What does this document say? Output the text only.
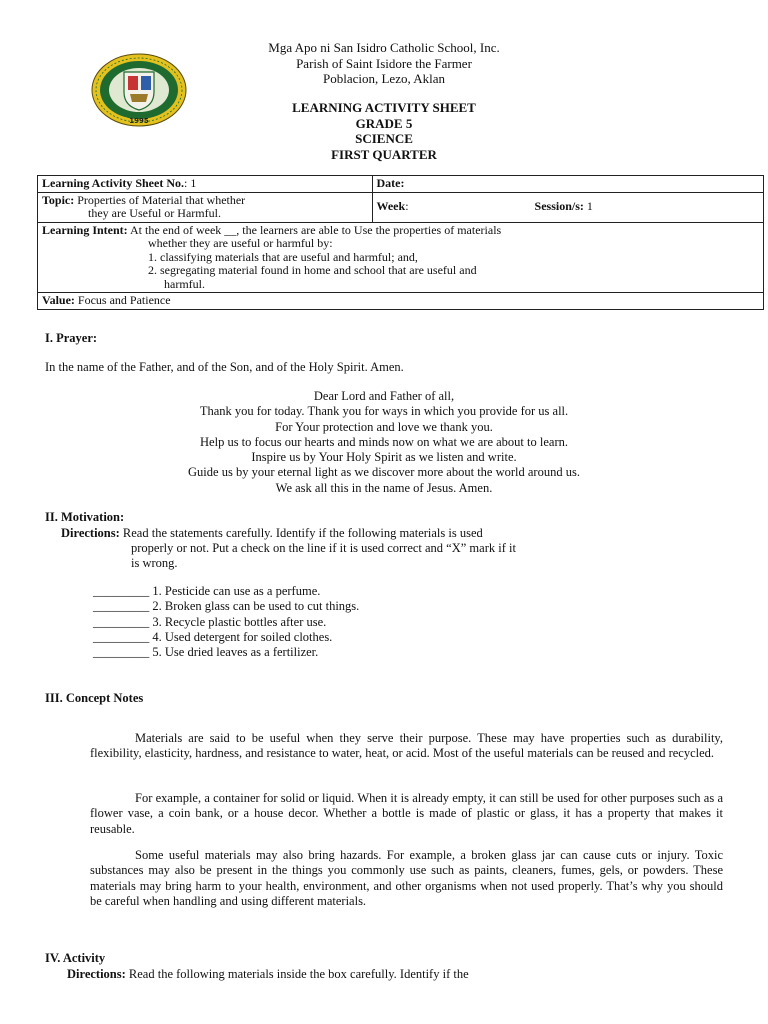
1995
Mga Apo ni San Isidro Catholic School, Inc.
Parish of Saint Isidore the Farmer
Poblacion, Lezo, Aklan
LEARNING ACTIVITY SHEET
GRADE 5
SCIENCE
FIRST QUARTER
Learning Activity Sheet No.: 1	Date:

Topic: Properties of Material that whether
they are Useful or Harmful.	Week: Session/s: 1

Learning Intent: At the end of week __, the learners are able to Use the properties of materials
whether they are useful or harmful by:
1. classifying materials that are useful and harmful; and,
2. segregating material found in home and school that are useful and
harmful.	

Value: Focus and Patience	
I. Prayer:
In the name of the Father, and of the Son, and of the Holy Spirit. Amen.
Dear Lord and Father of all,
Thank you for today. Thank you for ways in which you provide for us all.
For Your protection and love we thank you.
Help us to focus our hearts and minds now on what we are about to learn.
Inspire us by Your Holy Spirit as we listen and write.
Guide us by your eternal light as we discover more about the world around us.
We ask all this in the name of Jesus. Amen.
II. Motivation:
Directions: Read the statements carefully. Identify if the following materials is used
properly or not. Put a check on the line if it is used correct and “X” mark if it
is wrong.
_________ 1. Pesticide can use as a perfume.
_________ 2. Broken glass can be used to cut things.
_________ 3. Recycle plastic bottles after use.
_________ 4. Used detergent for soiled clothes.
_________ 5. Use dried leaves as a fertilizer.
III. Concept Notes
Materials are said to be useful when they serve their purpose. These may have properties such as durability, flexibility, elasticity, hardness, and resistance to water, heat, or acid. Most of the useful materials can be reused and recycled.
For example, a container for solid or liquid. When it is already empty, it can still be used for other purposes such as a flower vase, a coin bank, or a house decor. Whether a bottle is made of plastic or glass, it has a property that makes it reusable.
Some useful materials may also bring hazards. For example, a broken glass jar can cause cuts or injury. Toxic substances may also be present in the things you commonly use such as paints, cleaners, fumes, gels, or powders. These materials may bring harm to your health, environment, and other organisms when not used properly. That’s why you should be careful when handling and using different materials.
IV. Activity
Directions: Read the following materials inside the box carefully. Identify if the
